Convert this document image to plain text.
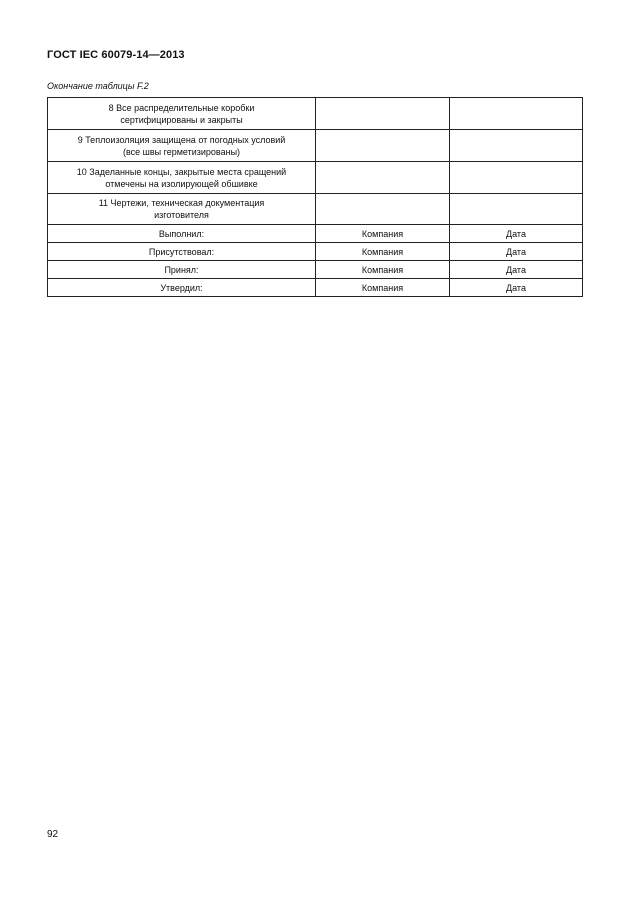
ГОСТ IEC 60079-14—2013
Окончание таблицы F.2
8 Все распределительные коробки
сертифицированы и закрыты		

9 Теплоизоляция защищена от погодных условий
(все швы герметизированы)		

10 Заделанные концы, закрытые места сращений
отмечены на изолирующей обшивке		

11 Чертежи, техническая документация
изготовителя		

Выполнил:	Компания	Дата
Присутствовал:	Компания	Дата
Принял:	Компания	Дата
Утвердил:	Компания	Дата
92
